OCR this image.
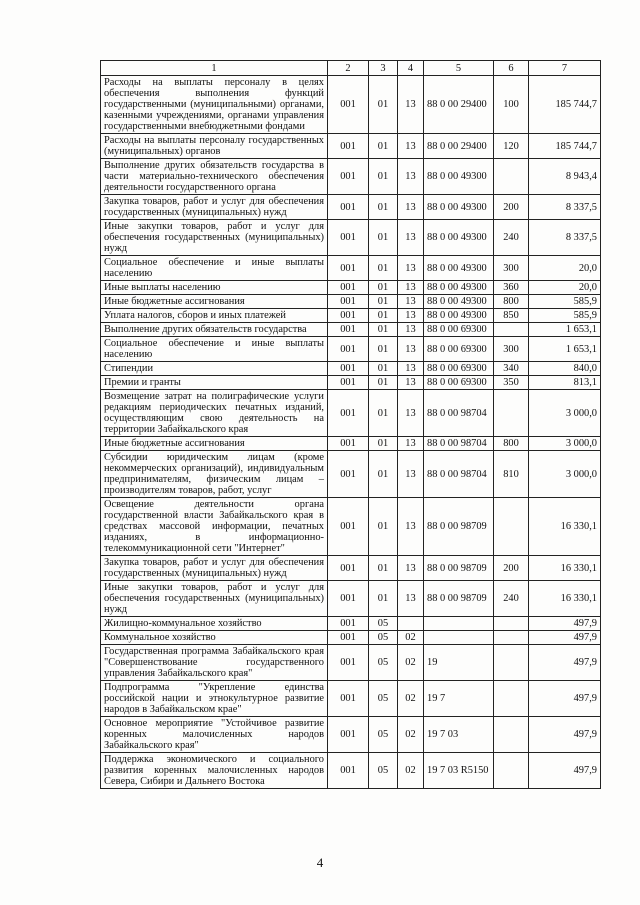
1	2	3	4	5	6	7
Расходы на выплаты персоналу в целях обеспечения выполнения функций государственными (муниципальными) органами, казенными учреждениями, органами управления государственными внебюджетными фондами	001	01	13	88 0 00 29400	100	185 744,7
Расходы на выплаты персоналу государственных (муниципальных) органов	001	01	13	88 0 00 29400	120	185 744,7
Выполнение других обязательств государства в части материально-технического обеспечения деятельности государственного органа	001	01	13	88 0 00 49300		8 943,4
Закупка товаров, работ и услуг для обеспечения государственных (муниципальных) нужд	001	01	13	88 0 00 49300	200	8 337,5
Иные закупки товаров, работ и услуг для обеспечения государственных (муниципальных) нужд	001	01	13	88 0 00 49300	240	8 337,5
Социальное обеспечение и иные выплаты населению	001	01	13	88 0 00 49300	300	20,0
Иные выплаты населению	001	01	13	88 0 00 49300	360	20,0
Иные бюджетные ассигнования	001	01	13	88 0 00 49300	800	585,9
Уплата налогов, сборов и иных платежей	001	01	13	88 0 00 49300	850	585,9
Выполнение других обязательств государства	001	01	13	88 0 00 69300		1 653,1
Социальное обеспечение и иные выплаты населению	001	01	13	88 0 00 69300	300	1 653,1
Стипендии	001	01	13	88 0 00 69300	340	840,0
Премии и гранты	001	01	13	88 0 00 69300	350	813,1
Возмещение затрат на полиграфические услуги редакциям периодических печатных изданий, осуществляющим свою деятельность на территории Забайкальского края	001	01	13	88 0 00 98704		3 000,0
Иные бюджетные ассигнования	001	01	13	88 0 00 98704	800	3 000,0
Субсидии юридическим лицам (кроме некоммерческих организаций), индивидуальным предпринимателям, физическим лицам – производителям товаров, работ, услуг	001	01	13	88 0 00 98704	810	3 000,0
Освещение деятельности органа государственной власти Забайкальского края в средствах массовой информации, печатных изданиях, в информационно-телекоммуникационной сети "Интернет"	001	01	13	88 0 00 98709		16 330,1
Закупка товаров, работ и услуг для обеспечения государственных (муниципальных) нужд	001	01	13	88 0 00 98709	200	16 330,1
Иные закупки товаров, работ и услуг для обеспечения государственных (муниципальных) нужд	001	01	13	88 0 00 98709	240	16 330,1
Жилищно-коммунальное хозяйство	001	05				497,9
Коммунальное хозяйство	001	05	02			497,9
Государственная программа Забайкальского края "Совершенствование государственного управления Забайкальского края"	001	05	02	19		497,9
Подпрограмма "Укрепление единства российской нации и этнокультурное развитие народов в Забайкальском крае"	001	05	02	19 7		497,9
Основное мероприятие "Устойчивое развитие коренных малочисленных народов Забайкальского края"	001	05	02	19 7 03		497,9
Поддержка экономического и социального развития коренных малочисленных народов Севера, Сибири и Дальнего Востока	001	05	02	19 7 03 R5150		497,9
4
